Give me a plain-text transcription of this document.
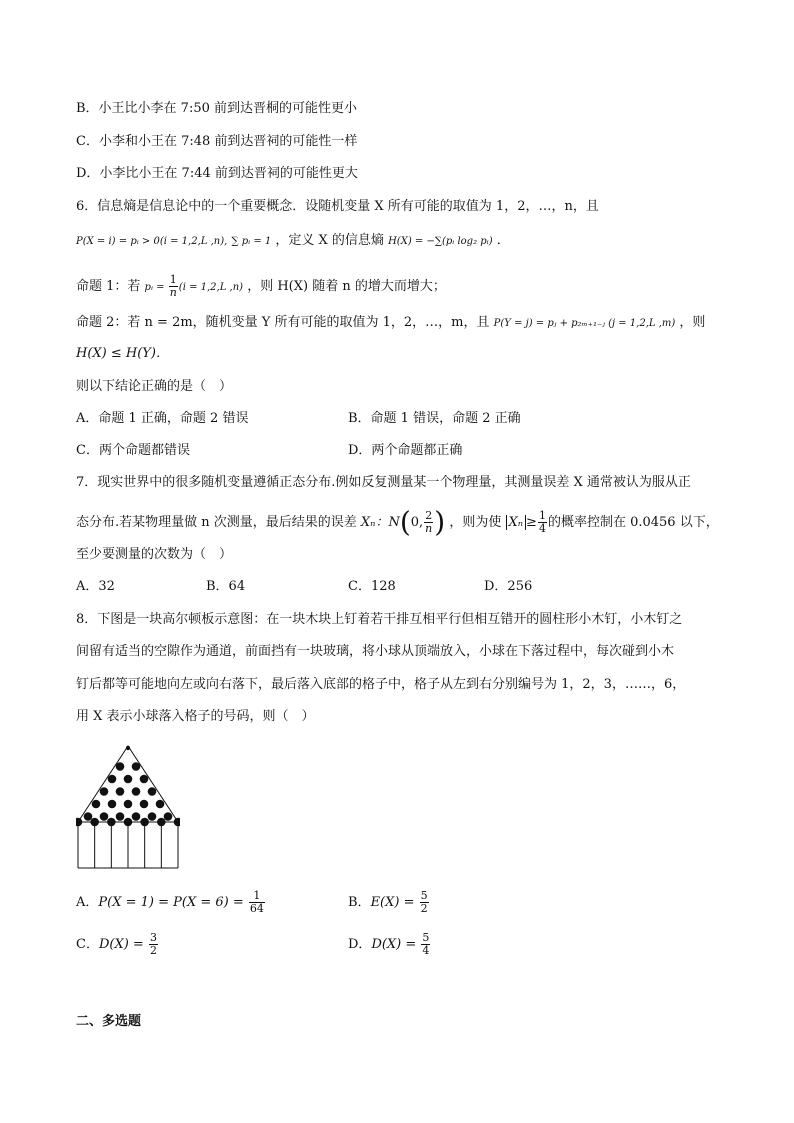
B．小王比小李在 7:50 前到达晋桐的可能性更小
C．小李和小王在 7:48 前到达晋祠的可能性一样
D．小李比小王在 7:44 前到达晋祠的可能性更大
6．信息熵是信息论中的一个重要概念．设随机变量 X 所有可能的取值为 1，2，…，n，且
P(X = i) = pᵢ > 0(i = 1,2,L ,n), ∑ pᵢ = 1 ，定义 X 的信息熵 H(X) = −∑(pᵢ log₂ pᵢ) ．
命题 1：若 pᵢ = $\frac{1}{n} (i = 1,2,L$ ,n) ，则 H(X) 随着 n 的增大而增大；
命题 2：若 n = 2m，随机变量 Y 所有可能的取值为 1，2，…，m，且 P(Y = j) = pⱼ + p₂ₘ₊₁₋ⱼ (j = 1,2,L ,m) ，则
H(X) ≤ H(Y)．
则以下结论正确的是（　）
A．命题 1 正确，命题 2 错误	B．命题 1 错误，命题 2 正确
C．两个命题都错误	D．两个命题都正确
7．现实世界中的很多随机变量遵循正态分布.例如反复测量某一个物理量，其测量误差 X 通常被认为服从正
态分布.若某物理量做 n 次测量，最后结果的误差 Xₙ：N(0, $\frac{2}{n}$ ) ，则为使 $X_n \ge \frac{1}{4}$ 的概率控制在 0.0456 以下，
至少要测量的次数为（　）
A．32	B．64	C．128	D．256
8．下图是一块高尔顿板示意图：在一块木块上钉着若干排互相平行但相互错开的圆柱形小木钉，小木钉之
间留有适当的空隙作为通道，前面挡有一块玻璃，将小球从顶端放入，小球在下落过程中，每次碰到小木
钉后都等可能地向左或向右落下，最后落入底部的格子中，格子从左到右分别编号为 1，2，3，……，6，
用 X 表示小球落入格子的号码，则（　）
A．$P(X = 1) = P(X = 6) = \frac{1}{64}$	B．$E(X) = \frac{5}{2}$
C．$D(X) = \frac{3}{2}$	D．$D(X) = \frac{5}{4}$
二、多选题
